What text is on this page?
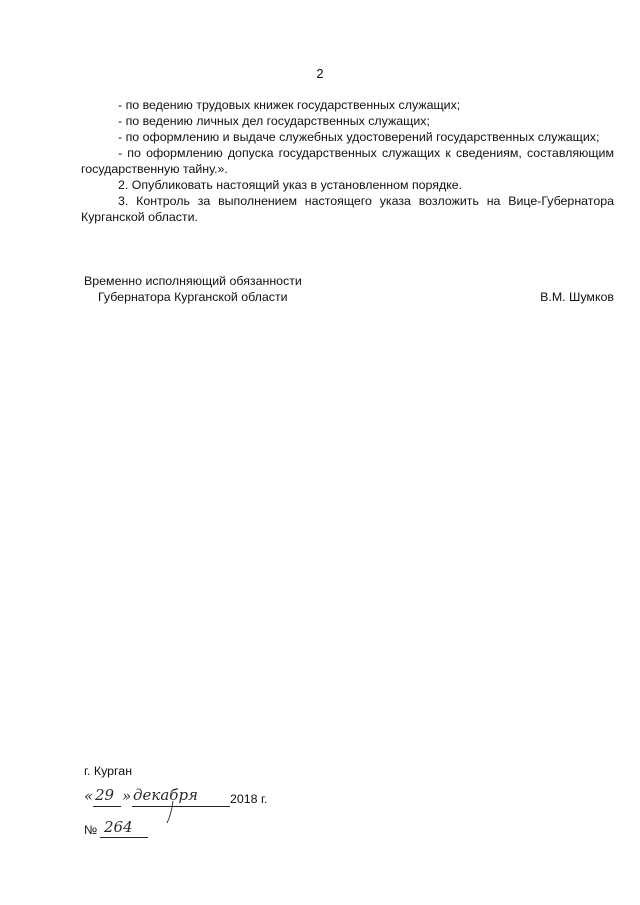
2

- по ведению трудовых книжек государственных служащих;

- по ведению личных дел государственных служащих;

- по оформлению и выдаче служебных удостоверений государственных служащих;

- по оформлению допуска государственных служащих к сведениям, составляющим государственную тайну.».

2. Опубликовать настоящий указ в установленном порядке.

3. Контроль за выполнением настоящего указа возложить на Вице-Губернатора Курганской области.

Временно исполняющий обязанности
Губернатора Курганской области	В.М. Шумков
г. Курган
« 29 » декабря	2018 г.
№ 264
.	.	.
